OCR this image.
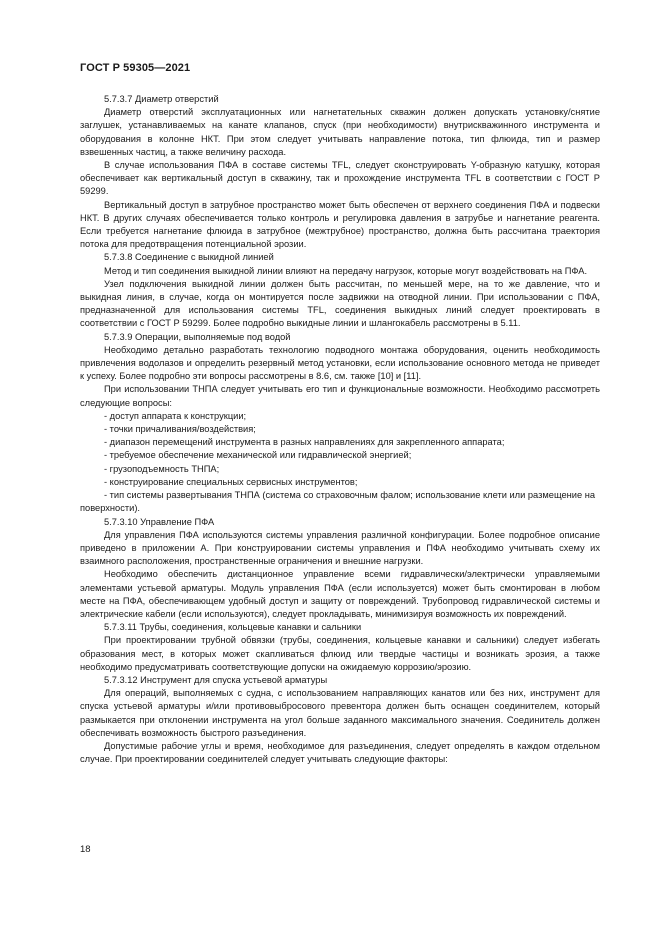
ГОСТ Р 59305—2021

5.7.3.7 Диаметр отверстий

Диаметр отверстий эксплуатационных или нагнетательных скважин должен допускать установку/снятие заглушек, устанавливаемых на канате клапанов, спуск (при необходимости) внутрискважинного инструмента и оборудования в колонне НКТ. При этом следует учитывать направление потока, тип флюида, тип и размер взвешенных частиц, а также величину расхода.

В случае использования ПФА в составе системы TFL, следует сконструировать Y-образную катушку, которая обеспечивает как вертикальный доступ в скважину, так и прохождение инструмента TFL в соответствии с ГОСТ Р 59299.

Вертикальный доступ в затрубное пространство может быть обеспечен от верхнего соединения ПФА и подвески НКТ. В других случаях обеспечивается только контроль и регулировка давления в затрубье и нагнетание реагента. Если требуется нагнетание флюида в затрубное (межтрубное) пространство, должна быть рассчитана траектория потока для предотвращения потенциальной эрозии.

5.7.3.8 Соединение с выкидной линией

Метод и тип соединения выкидной линии влияют на передачу нагрузок, которые могут воздействовать на ПФА.

Узел подключения выкидной линии должен быть рассчитан, по меньшей мере, на то же давление, что и выкидная линия, в случае, когда он монтируется после задвижки на отводной линии. При использовании с ПФА, предназначенной для использования системы TFL, соединения выкидных линий следует проектировать в соответствии с ГОСТ Р 59299. Более подробно выкидные линии и шлангокабель рассмотрены в 5.11.

5.7.3.9 Операции, выполняемые под водой

Необходимо детально разработать технологию подводного монтажа оборудования, оценить необходимость привлечения водолазов и определить резервный метод установки, если использование основного метода не приведет к успеху. Более подробно эти вопросы рассмотрены в 8.6, см. также [10] и [11].

При использовании ТНПА следует учитывать его тип и функциональные возможности. Необходимо рассмотреть следующие вопросы:

- доступ аппарата к конструкции;

- точки причаливания/воздействия;

- диапазон перемещений инструмента в разных направлениях для закрепленного аппарата;

- требуемое обеспечение механической или гидравлической энергией;

- грузоподъемность ТНПА;

- конструирование специальных сервисных инструментов;

- тип системы развертывания ТНПА (система со страховочным фалом; использование клети или размещение на поверхности).

5.7.3.10 Управление ПФА

Для управления ПФА используются системы управления различной конфигурации. Более подробное описание приведено в приложении А. При конструировании системы управления и ПФА необходимо учитывать схему их взаимного расположения, пространственные ограничения и внешние нагрузки.

Необходимо обеспечить дистанционное управление всеми гидравлически/электрически управляемыми элементами устьевой арматуры. Модуль управления ПФА (если используется) может быть смонтирован в любом месте на ПФА, обеспечивающем удобный доступ и защиту от повреждений. Трубопровод гидравлической системы и электрические кабели (если используются), следует прокладывать, минимизируя возможность их повреждений.

5.7.3.11 Трубы, соединения, кольцевые канавки и сальники

При проектировании трубной обвязки (трубы, соединения, кольцевые канавки и сальники) следует избегать образования мест, в которых может скапливаться флюид или твердые частицы и возникать эрозия, а также необходимо предусматривать соответствующие допуски на ожидаемую коррозию/эрозию.

5.7.3.12 Инструмент для спуска устьевой арматуры

Для операций, выполняемых с судна, с использованием направляющих канатов или без них, инструмент для спуска устьевой арматуры и/или противовыбросового превентора должен быть оснащен соединителем, который размыкается при отклонении инструмента на угол больше заданного максимального значения. Соединитель должен обеспечивать возможность быстрого разъединения.

Допустимые рабочие углы и время, необходимое для разъединения, следует определять в каждом отдельном случае. При проектировании соединителей следует учитывать следующие факторы:

18
